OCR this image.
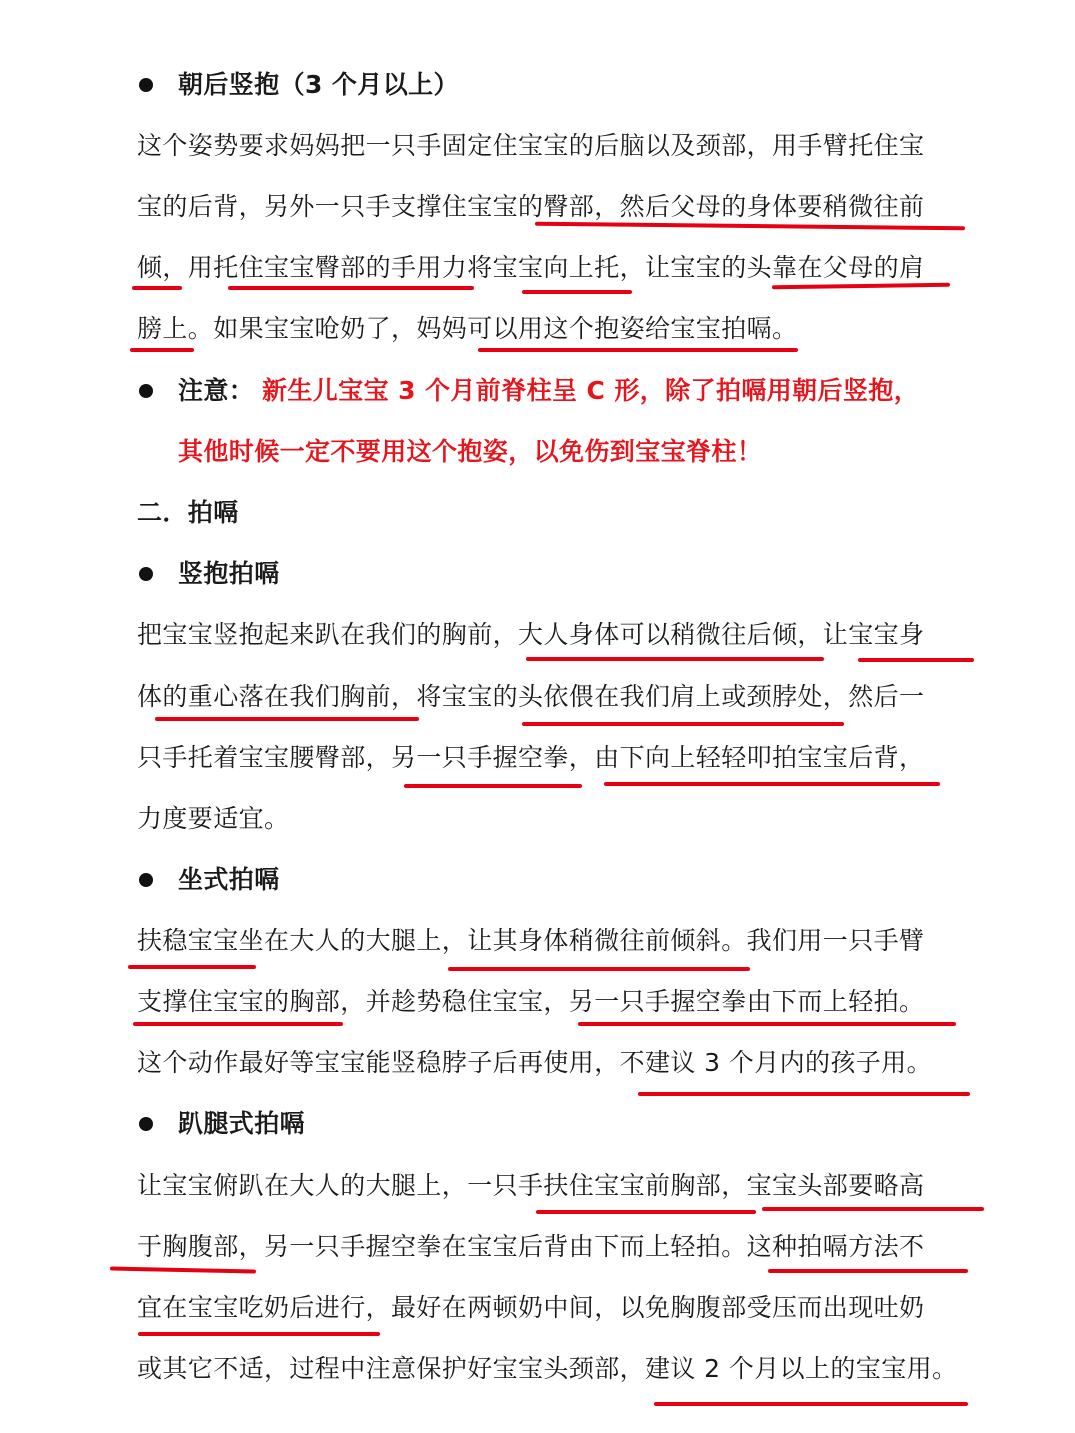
朝后竖抱（3 个月以上）
这个姿势要求妈妈把一只手固定住宝宝的后脑以及颈部，用手臂托住宝
宝的后背，另外一只手支撑住宝宝的臀部，然后父母的身体要稍微往前
倾，用托住宝宝臀部的手用力将宝宝向上托，让宝宝的头靠在父母的肩
膀上。如果宝宝呛奶了，妈妈可以用这个抱姿给宝宝拍嗝。
注意： 新生儿宝宝 3 个月前脊柱呈 C 形，除了拍嗝用朝后竖抱，
其他时候一定不要用这个抱姿，以免伤到宝宝脊柱！
二．拍嗝
竖抱拍嗝
把宝宝竖抱起来趴在我们的胸前，大人身体可以稍微往后倾，让宝宝身
体的重心落在我们胸前，将宝宝的头依偎在我们肩上或颈脖处，然后一
只手托着宝宝腰臀部，另一只手握空拳，由下向上轻轻叩拍宝宝后背，
力度要适宜。
坐式拍嗝
扶稳宝宝坐在大人的大腿上，让其身体稍微往前倾斜。我们用一只手臂
支撑住宝宝的胸部，并趁势稳住宝宝，另一只手握空拳由下而上轻拍。
这个动作最好等宝宝能竖稳脖子后再使用，不建议 3 个月内的孩子用。
趴腿式拍嗝
让宝宝俯趴在大人的大腿上，一只手扶住宝宝前胸部，宝宝头部要略高
于胸腹部，另一只手握空拳在宝宝后背由下而上轻拍。这种拍嗝方法不
宜在宝宝吃奶后进行，最好在两顿奶中间，以免胸腹部受压而出现吐奶
或其它不适，过程中注意保护好宝宝头颈部，建议 2 个月以上的宝宝用。
